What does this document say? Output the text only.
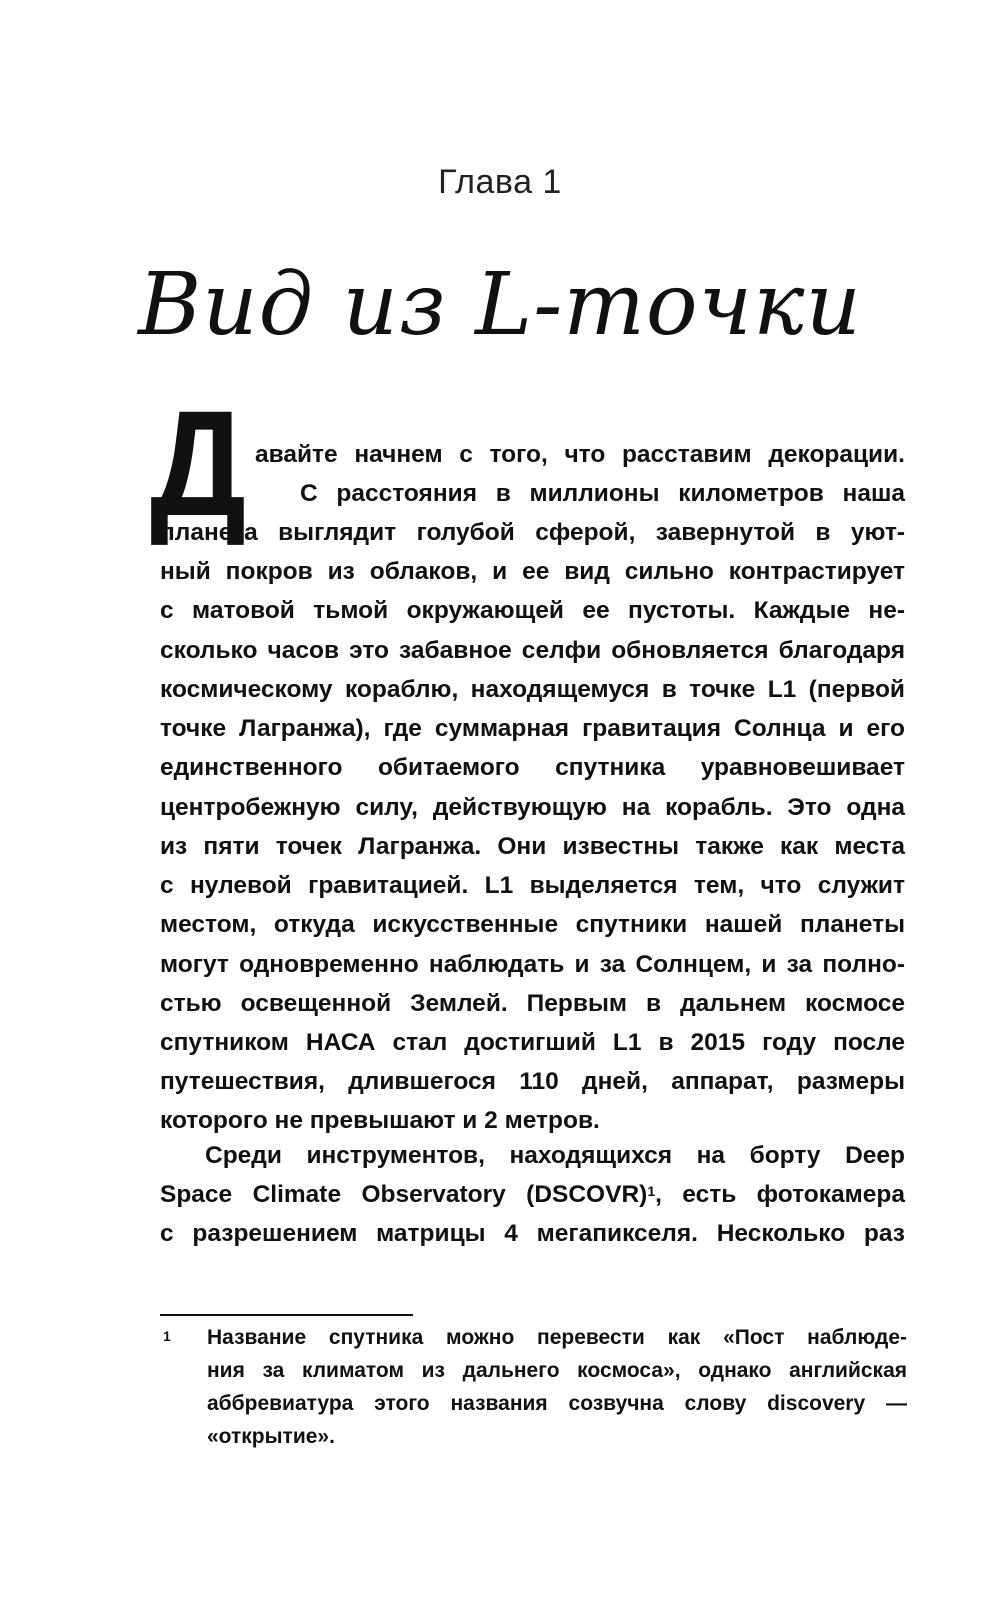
Глава 1
Вид из L-точки
Д авайте начнем с того, что расставим декорации.
С расстояния в миллионы километров наша
планета выглядит голубой сферой, завернутой в уют-
ный покров из облаков, и ее вид сильно контрастирует
с матовой тьмой окружающей ее пустоты. Каждые не-
сколько часов это забавное селфи обновляется благодаря
космическому кораблю, находящемуся в точке L1 (первой
точке Лагранжа), где суммарная гравитация Солнца и его
единственного обитаемого спутника уравновешивает
центробежную силу, действующую на корабль. Это одна
из пяти точек Лагранжа. Они известны также как места
с нулевой гравитацией. L1 выделяется тем, что служит
местом, откуда искусственные спутники нашей планеты
могут одновременно наблюдать и за Солнцем, и за полно-
стью освещенной Землей. Первым в дальнем космосе
спутником НАСА стал достигший L1 в 2015 году после
путешествия, длившегося 110 дней, аппарат, размеры
которого не превышают и 2 метров.
Среди инструментов, находящихся на борту Deep
Space Climate Observatory (DSCOVR)$^1$, есть фотокамера
с разрешением матрицы 4 мегапикселя. Несколько раз
1 Название спутника можно перевести как «Пост наблюде-
ния за климатом из дальнего космоса», однако английская
аббревиатура этого названия созвучна слову discovery —
«открытие».
